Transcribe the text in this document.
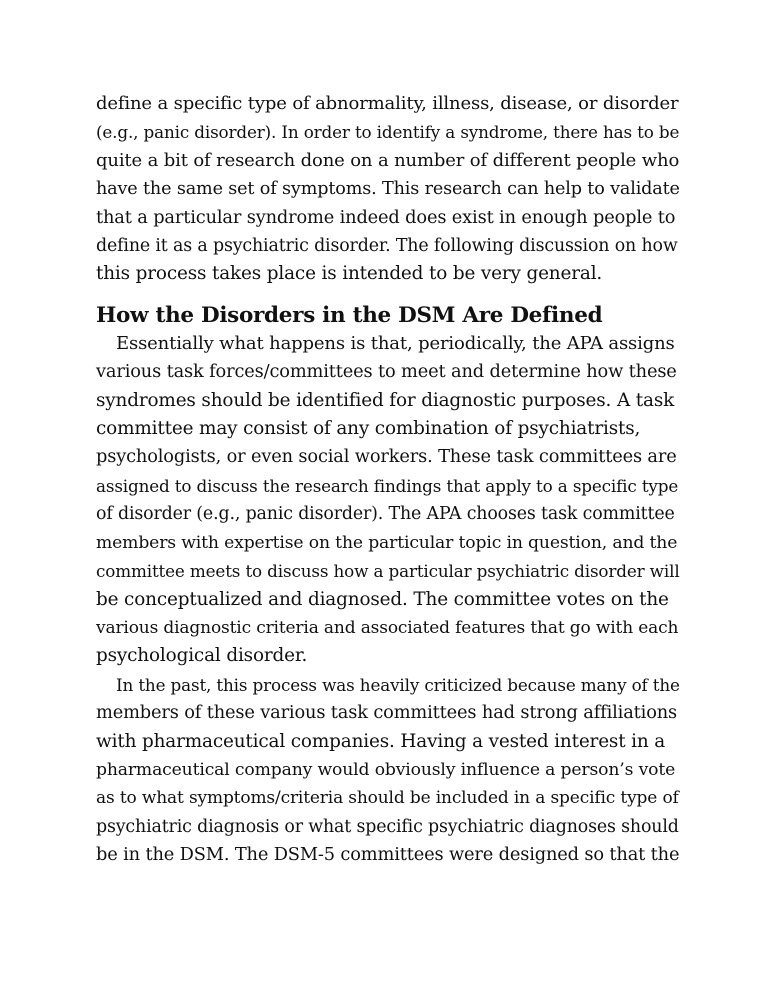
define a specific type of abnormality, illness, disease, or disorder
(e.g., panic disorder). In order to identify a syndrome, there has to be
quite a bit of research done on a number of different people who
have the same set of symptoms. This research can help to validate
that a particular syndrome indeed does exist in enough people to
define it as a psychiatric disorder. The following discussion on how
this process takes place is intended to be very general.
How the Disorders in the DSM Are Defined
Essentially what happens is that, periodically, the APA assigns
various task forces/committees to meet and determine how these
syndromes should be identified for diagnostic purposes. A task
committee may consist of any combination of psychiatrists,
psychologists, or even social workers. These task committees are
assigned to discuss the research findings that apply to a specific type
of disorder (e.g., panic disorder). The APA chooses task committee
members with expertise on the particular topic in question, and the
committee meets to discuss how a particular psychiatric disorder will
be conceptualized and diagnosed. The committee votes on the
various diagnostic criteria and associated features that go with each
psychological disorder.
In the past, this process was heavily criticized because many of the
members of these various task committees had strong affiliations
with pharmaceutical companies. Having a vested interest in a
pharmaceutical company would obviously influence a person’s vote
as to what symptoms/criteria should be included in a specific type of
psychiatric diagnosis or what specific psychiatric diagnoses should
be in the DSM. The DSM-5 committees were designed so that the
